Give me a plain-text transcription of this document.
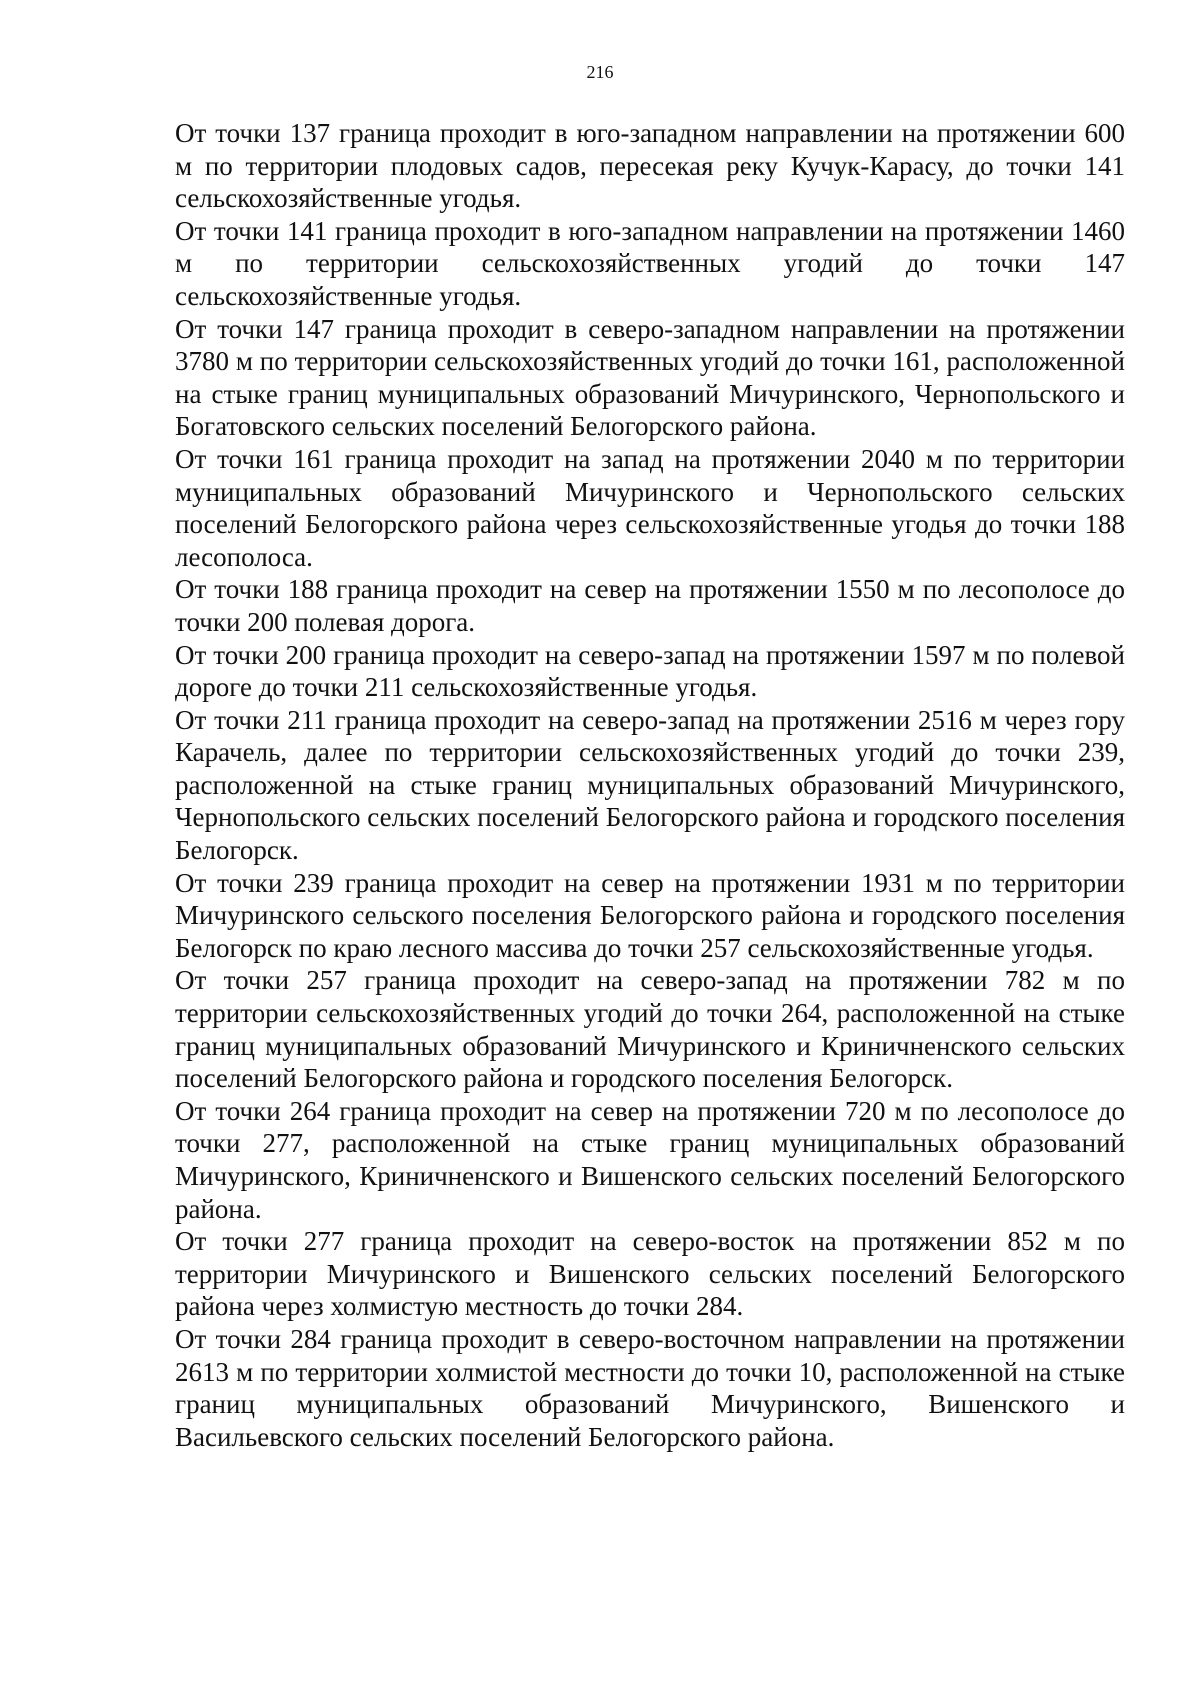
216

От точки 137 граница проходит в юго-западном направлении на протяжении 600 м по территории плодовых садов, пересекая реку Кучук-Карасу, до точки 141 сельскохозяйственные угодья.

От точки 141 граница проходит в юго-западном направлении на протяжении 1460 м по территории сельскохозяйственных угодий до точки 147 сельскохозяйственные угодья.

От точки 147 граница проходит в северо-западном направлении на протяжении 3780 м по территории сельскохозяйственных угодий до точки 161, расположенной на стыке границ муниципальных образований Мичуринского, Чернопольского и Богатовского сельских поселений Белогорского района.

От точки 161 граница проходит на запад на протяжении 2040 м по территории муниципальных образований Мичуринского и Чернопольского сельских поселений Белогорского района через сельскохозяйственные угодья до точки 188 лесополоса.

От точки 188 граница проходит на север на протяжении 1550 м по лесополосе до точки 200 полевая дорога.

От точки 200 граница проходит на северо-запад на протяжении 1597 м по полевой дороге до точки 211 сельскохозяйственные угодья.

От точки 211 граница проходит на северо-запад на протяжении 2516 м через гору Карачель, далее по территории сельскохозяйственных угодий до точки 239, расположенной на стыке границ муниципальных образований Мичуринского, Чернопольского сельских поселений Белогорского района и городского поселения Белогорск.

От точки 239 граница проходит на север на протяжении 1931 м по территории Мичуринского сельского поселения Белогорского района и городского поселения Белогорск по краю лесного массива до точки 257 сельскохозяйственные угодья.

От точки 257 граница проходит на северо-запад на протяжении 782 м по территории сельскохозяйственных угодий до точки 264, расположенной на стыке границ муниципальных образований Мичуринского и Криничненского сельских поселений Белогорского района и городского поселения Белогорск.

От точки 264 граница проходит на север на протяжении 720 м по лесополосе до точки 277, расположенной на стыке границ муниципальных образований Мичуринского, Криничненского и Вишенского сельских поселений Белогорского района.

От точки 277 граница проходит на северо-восток на протяжении 852 м по территории Мичуринского и Вишенского сельских поселений Белогорского района через холмистую местность до точки 284.

От точки 284 граница проходит в северо-восточном направлении на протяжении 2613 м по территории холмистой местности до точки 10, расположенной на стыке границ муниципальных образований Мичуринского, Вишенского и Васильевского сельских поселений Белогорского района.
